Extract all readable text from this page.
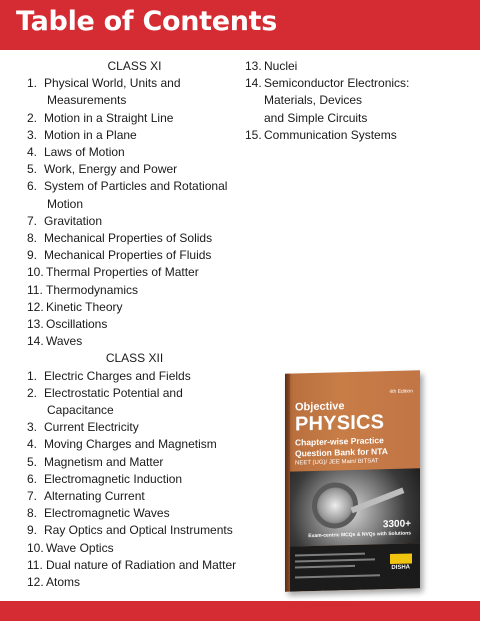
Table of Contents
CLASS XI
1. Physical World, Units and
Measurements
2. Motion in a Straight Line
3. Motion in a Plane
4. Laws of Motion
5. Work, Energy and Power
6. System of Particles and Rotational
Motion
7. Gravitation
8. Mechanical Properties of Solids
9. Mechanical Properties of Fluids
10. Thermal Properties of Matter
11. Thermodynamics
12. Kinetic Theory
13. Oscillations
14. Waves
CLASS XII
1. Electric Charges and Fields
2. Electrostatic Potential and
Capacitance
3. Current Electricity
4. Moving Charges and Magnetism
5. Magnetism and Matter
6. Electromagnetic Induction
7. Alternating Current
8. Electromagnetic Waves
9. Ray Optics and Optical Instruments
10. Wave Optics
11. Dual nature of Radiation and Matter
12. Atoms
13. Nuclei
14. Semiconductor Electronics:
Materials, Devices
and Simple Circuits
15. Communication Systems
4th Edition
Objective
PHYSICS
Chapter-wise Practice
Question Bank for NTA
NEET (UG)/ JEE Main/ BITSAT
3300+
Exam-centric MCQs & NVQs with Solutions
DISHA
